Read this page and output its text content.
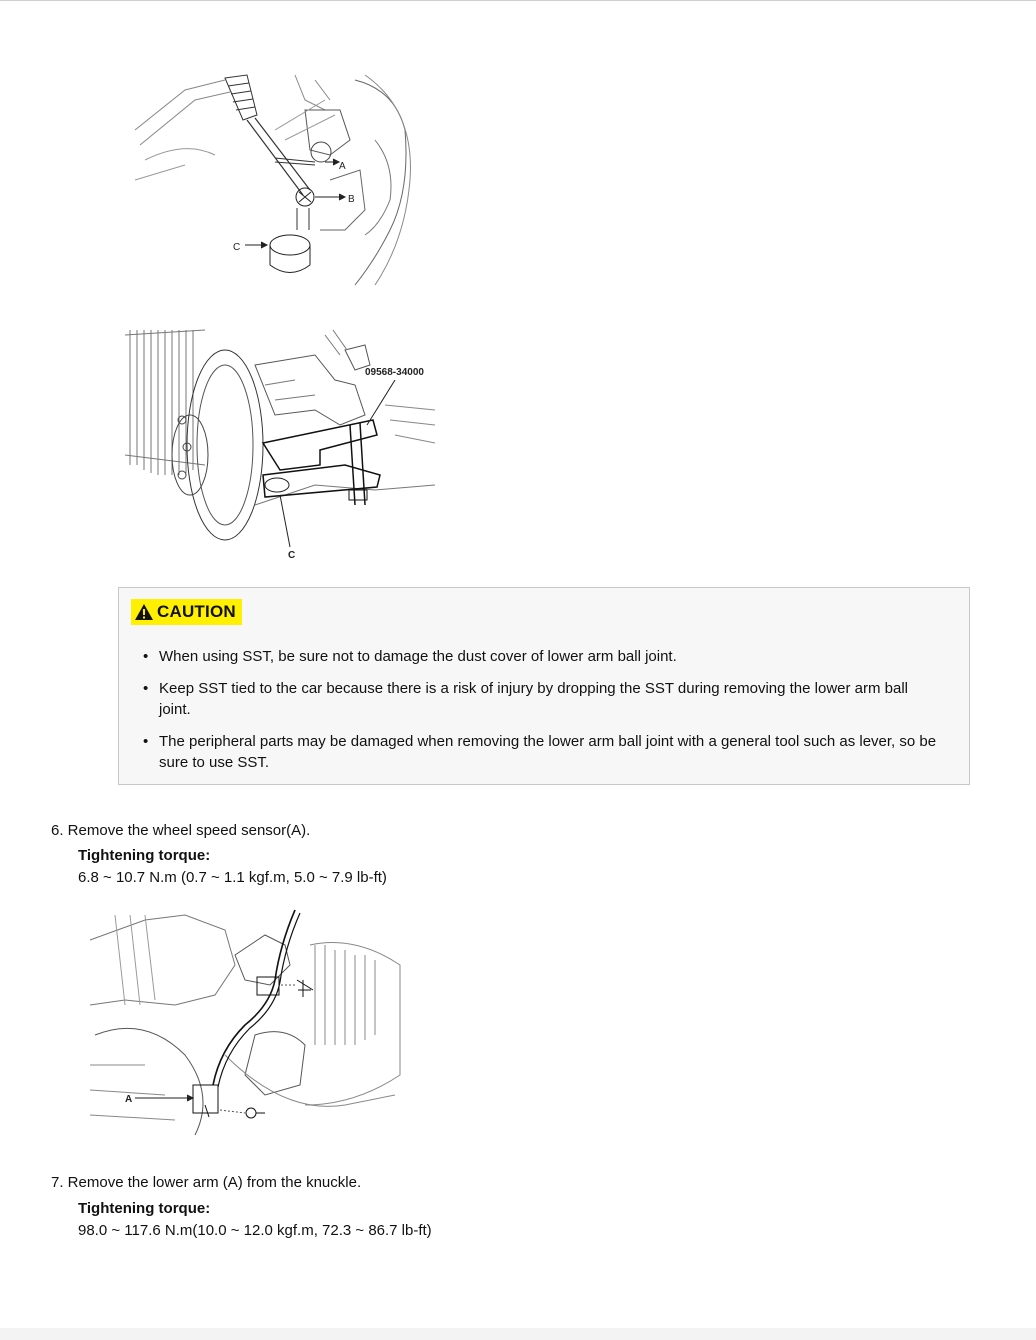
A
B
C
09568-34000
C
CAUTION
• When using SST, be sure not to damage the dust cover of lower arm ball joint.
• Keep SST tied to the car because there is a risk of injury by dropping the SST during removing the lower arm ball joint.
• The peripheral parts may be damaged when removing the lower arm ball joint with a general tool such as lever, so be sure to use SST.
6. Remove the wheel speed sensor(A).
Tightening torque:
6.8 ~ 10.7 N.m (0.7 ~ 1.1 kgf.m, 5.0 ~ 7.9 lb-ft)
A
7. Remove the lower arm (A) from the knuckle.
Tightening torque:
98.0 ~ 117.6 N.m(10.0 ~ 12.0 kgf.m, 72.3 ~ 86.7 lb-ft)
